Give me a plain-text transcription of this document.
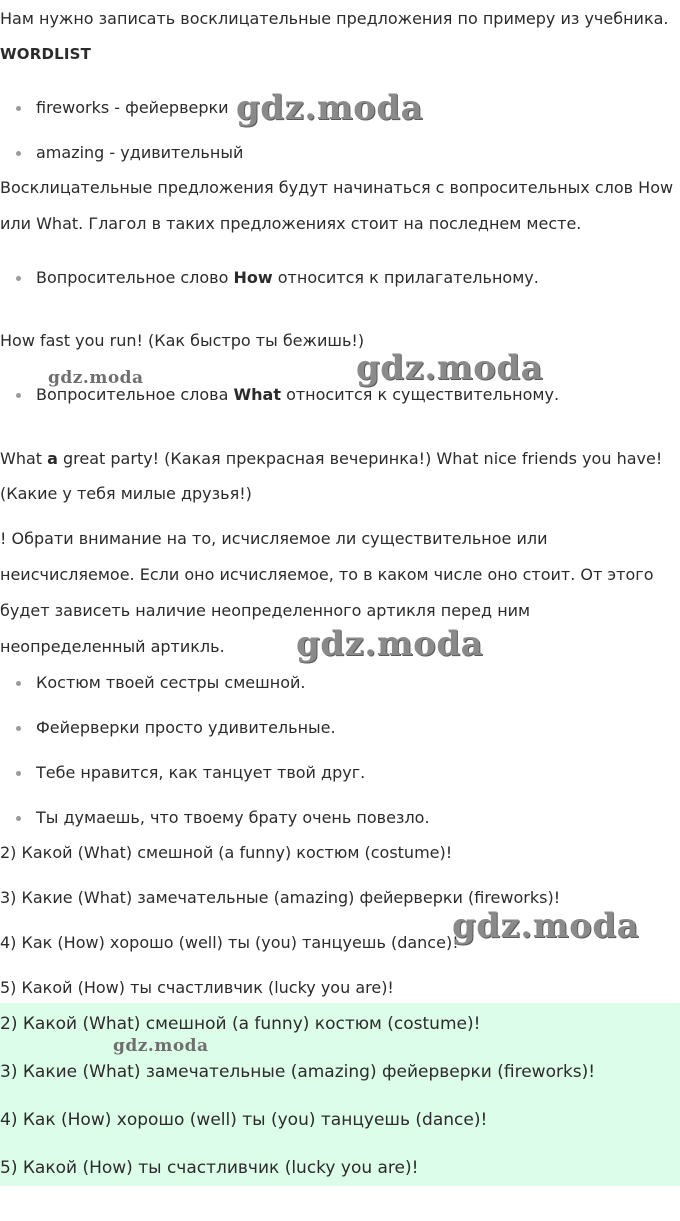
Нам нужно записать восклицательные предложения по примеру из учебника.
WORDLIST
fireworks - фейерверки
amazing - удивительный
Восклицательные предложения будут начинаться с вопросительных слов How
или What. Глагол в таких предложениях стоит на последнем месте.
Вопросительное слово How относится к прилагательному.
How fast you run! (Как быстро ты бежишь!)
Вопросительное слова What относится к существительному.
What a great party! (Какая прекрасная вечеринка!) What nice friends you have!
(Какие у тебя милые друзья!)
! Обрати внимание на то, исчисляемое ли существительное или
неисчисляемое. Если оно исчисляемое, то в каком числе оно стоит. От этого
будет зависеть наличие неопределенного артикля перед ним
неопределенный артикль.
Костюм твоей сестры смешной.
Фейерверки просто удивительные.
Тебе нравится, как танцует твой друг.
Ты думаешь, что твоему брату очень повезло.
2) Какой (What) смешной (a funny) костюм (costume)!
3) Какие (What) замечательные (amazing) фейерверки (fireworks)!
4) Как (How) хорошо (well) ты (you) танцуешь (dance)!
5) Какой (How) ты счастливчик (lucky you are)!
2) Какой (What) смешной (a funny) костюм (costume)!
3) Какие (What) замечательные (amazing) фейерверки (fireworks)!
4) Как (How) хорошо (well) ты (you) танцуешь (dance)!
5) Какой (How) ты счастливчик (lucky you are)!
gdz.moda
gdz.moda	gdz.moda
gdz.moda
gdz.moda
gdz.moda
